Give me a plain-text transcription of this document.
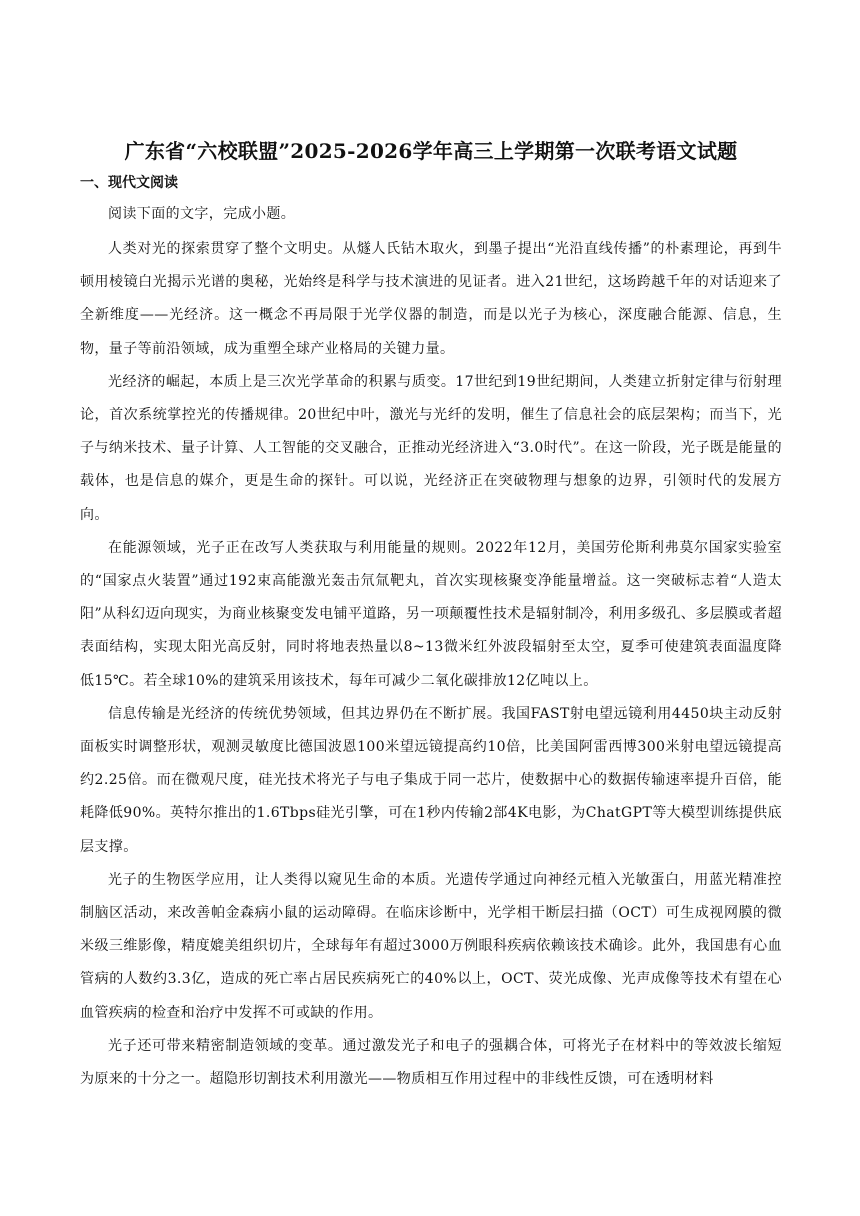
广东省“六校联盟”2025-2026学年高三上学期第一次联考语文试题
一、现代文阅读

阅读下面的文字，完成小题。

人类对光的探索贯穿了整个文明史。从燧人氏钻木取火，到墨子提出“光沿直线传播”的朴素理论，再到牛顿用棱镜白光揭示光谱的奥秘，光始终是科学与技术演进的见证者。进入21世纪，这场跨越千年的对话迎来了全新维度——光经济。这一概念不再局限于光学仪器的制造，而是以光子为核心，深度融合能源、信息，生物，量子等前沿领域，成为重塑全球产业格局的关键力量。

光经济的崛起，本质上是三次光学革命的积累与质变。17世纪到19世纪期间，人类建立折射定律与衍射理论，首次系统掌控光的传播规律。20世纪中叶，激光与光纤的发明，催生了信息社会的底层架构；而当下，光子与纳米技术、量子计算、人工智能的交叉融合，正推动光经济进入“3.0时代”。在这一阶段，光子既是能量的载体，也是信息的媒介，更是生命的探针。可以说，光经济正在突破物理与想象的边界，引领时代的发展方向。

在能源领域，光子正在改写人类获取与利用能量的规则。2022年12月，美国劳伦斯利弗莫尔国家实验室的“国家点火装置”通过192束高能激光轰击氘氚靶丸，首次实现核聚变净能量增益。这一突破标志着“人造太阳”从科幻迈向现实，为商业核聚变发电铺平道路，另一项颠覆性技术是辐射制冷，利用多级孔、多层膜或者超表面结构，实现太阳光高反射，同时将地表热量以8~13微米红外波段辐射至太空，夏季可使建筑表面温度降低15℃。若全球10%的建筑采用该技术，每年可减少二氧化碳排放12亿吨以上。

信息传输是光经济的传统优势领域，但其边界仍在不断扩展。我国FAST射电望远镜利用4450块主动反射面板实时调整形状，观测灵敏度比德国波恩100米望远镜提高约10倍，比美国阿雷西博300米射电望远镜提高约2.25倍。而在微观尺度，硅光技术将光子与电子集成于同一芯片，使数据中心的数据传输速率提升百倍，能耗降低90%。英特尔推出的1.6Tbps硅光引擎，可在1秒内传输2部4K电影，为ChatGPT等大模型训练提供底层支撑。

光子的生物医学应用，让人类得以窥见生命的本质。光遗传学通过向神经元植入光敏蛋白，用蓝光精准控制脑区活动，来改善帕金森病小鼠的运动障碍。在临床诊断中，光学相干断层扫描（OCT）可生成视网膜的微米级三维影像，精度媲美组织切片，全球每年有超过3000万例眼科疾病依赖该技术确诊。此外，我国患有心血管病的人数约3.3亿，造成的死亡率占居民疾病死亡的40%以上，OCT、荧光成像、光声成像等技术有望在心血管疾病的检查和治疗中发挥不可或缺的作用。

光子还可带来精密制造领域的变革。通过激发光子和电子的强耦合体，可将光子在材料中的等效波长缩短为原来的十分之一。超隐形切割技术利用激光——物质相互作用过程中的非线性反馈，可在透明材料
